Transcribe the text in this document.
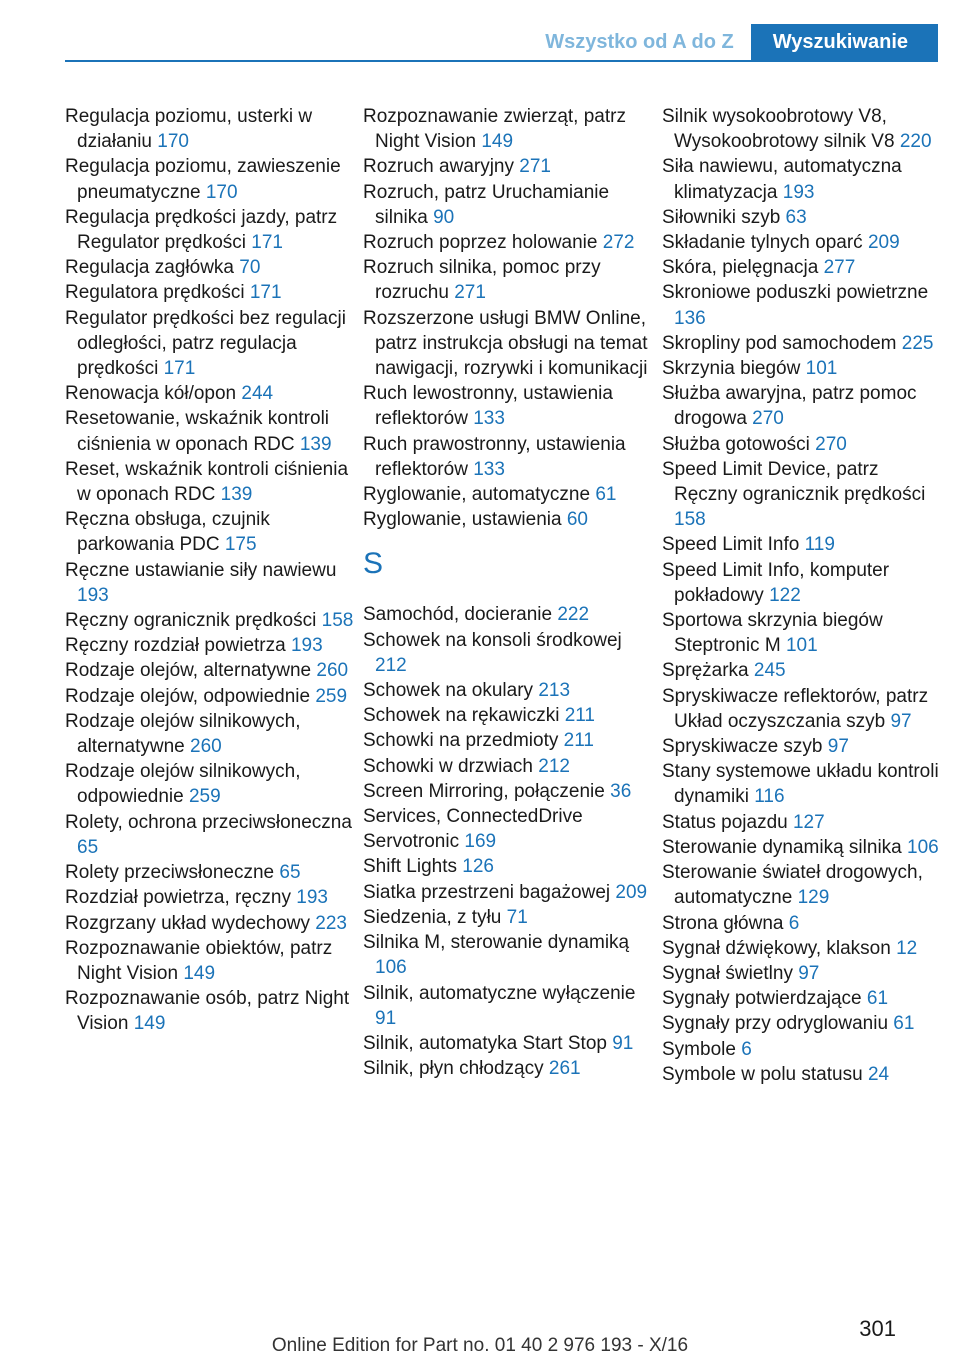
Wszystko od A do Z	Wyszukiwanie
Regulacja poziomu, usterki w działaniu 170
Regulacja poziomu, zawieszenie pneumatyczne 170
Regulacja prędkości jazdy, patrz Regulator prędkości 171
Regulacja zagłówka 70
Regulatora prędkości 171
Regulator prędkości bez regulacji odległości, patrz regulacja prędkości 171
Renowacja kół/opon 244
Resetowanie, wskaźnik kontroli ciśnienia w oponach RDC 139
Reset, wskaźnik kontroli ciśnienia w oponach RDC 139
Ręczna obsługa, czujnik parkowania PDC 175
Ręczne ustawianie siły nawiewu 193
Ręczny ogranicznik prędkości 158
Ręczny rozdział powietrza 193
Rodzaje olejów, alternatywne 260
Rodzaje olejów, odpowiednie 259
Rodzaje olejów silnikowych, alternatywne 260
Rodzaje olejów silnikowych, odpowiednie 259
Rolety, ochrona przeciwsłoneczna 65
Rolety przeciwsłoneczne 65
Rozdział powietrza, ręczny 193
Rozgrzany układ wydechowy 223
Rozpoznawanie obiektów, patrz Night Vision 149
Rozpoznawanie osób, patrz Night Vision 149
Rozpoznawanie zwierząt, patrz Night Vision 149
Rozruch awaryjny 271
Rozruch, patrz Uruchamianie silnika 90
Rozruch poprzez holowanie 272
Rozruch silnika, pomoc przy rozruchu 271
Rozszerzone usługi BMW Online, patrz instrukcja obsługi na temat nawigacji, rozrywki i komunikacji
Ruch lewostronny, ustawienia reflektorów 133
Ruch prawostronny, ustawienia reflektorów 133
Ryglowanie, automatyczne 61
Ryglowanie, ustawienia 60
S
Samochód, docieranie 222
Schowek na konsoli środkowej 212
Schowek na okulary 213
Schowek na rękawiczki 211
Schowki na przedmioty 211
Schowki w drzwiach 212
Screen Mirroring, połączenie 36
Services, ConnectedDrive
Servotronic 169
Shift Lights 126
Siatka przestrzeni bagażowej 209
Siedzenia, z tyłu 71
Silnika M, sterowanie dynamiką 106
Silnik, automatyczne wyłączenie 91
Silnik, automatyka Start Stop 91
Silnik, płyn chłodzący 261
Silnik wysokoobrotowy V8, Wysokoobrotowy silnik V8 220
Siła nawiewu, automatyczna klimatyzacja 193
Siłowniki szyb 63
Składanie tylnych oparć 209
Skóra, pielęgnacja 277
Skroniowe poduszki powietrzne 136
Skropliny pod samochodem 225
Skrzynia biegów 101
Służba awaryjna, patrz pomoc drogowa 270
Służba gotowości 270
Speed Limit Device, patrz Ręczny ogranicznik prędkości 158
Speed Limit Info 119
Speed Limit Info, komputer pokładowy 122
Sportowa skrzynia biegów Steptronic M 101
Sprężarka 245
Spryskiwacze reflektorów, patrz Układ oczyszczania szyb 97
Spryskiwacze szyb 97
Stany systemowe układu kontroli dynamiki 116
Status pojazdu 127
Sterowanie dynamiką silnika 106
Sterowanie świateł drogowych, automatyczne 129
Strona główna 6
Sygnał dźwiękowy, klakson 12
Sygnał świetlny 97
Sygnały potwierdzające 61
Sygnały przy odryglowaniu 61
Symbole 6
Symbole w polu statusu 24
301
Online Edition for Part no. 01 40 2 976 193 - X/16
